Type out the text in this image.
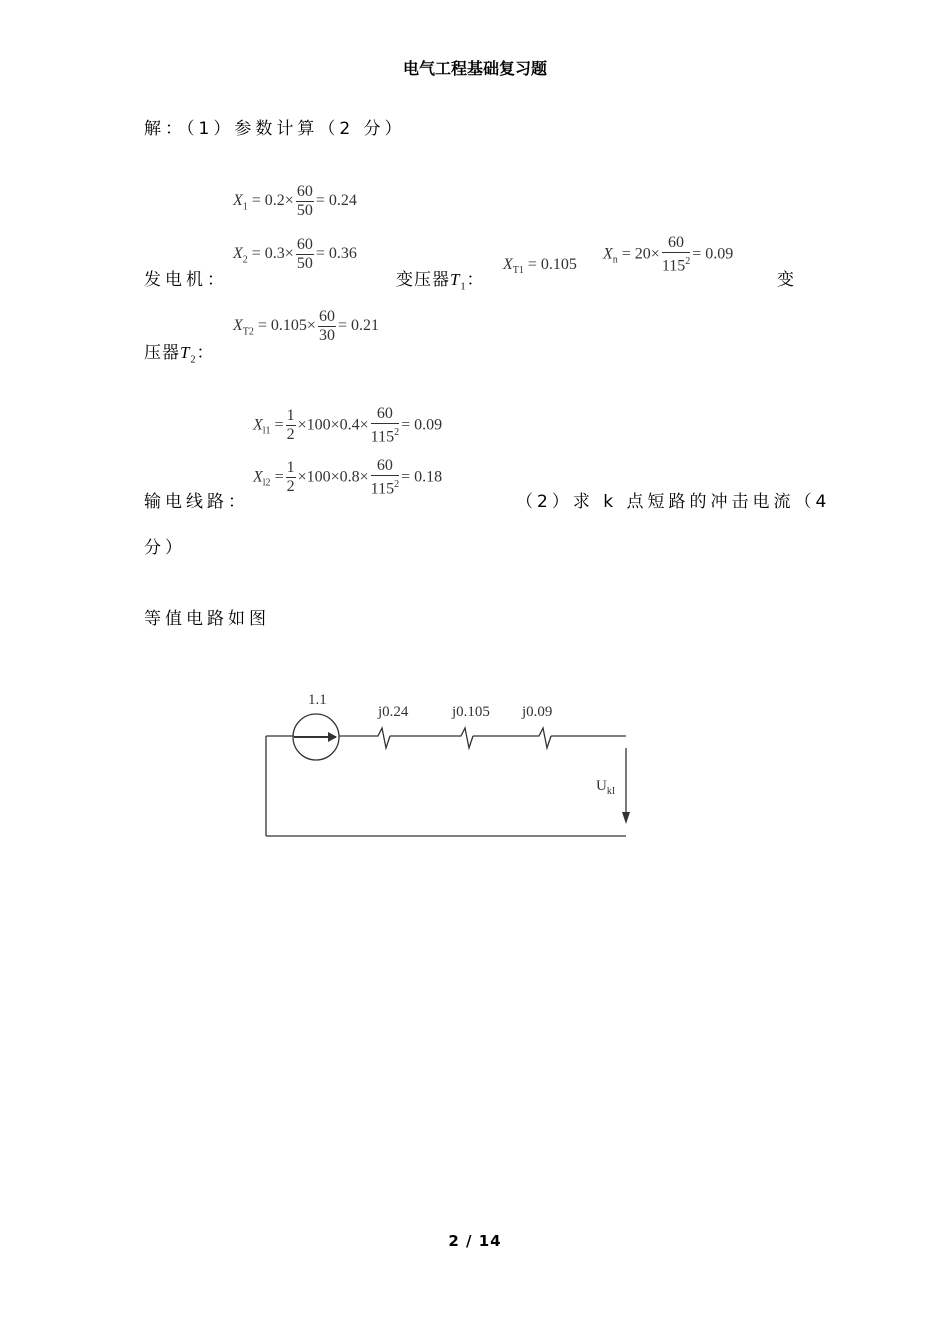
电气工程基础复习题
解：（1）参数计算（2 分）
$X_1 = 0.2\times \frac{60}{50} = 0.24$
发电机：
$X_2 = 0.3\times \frac{60}{50} = 0.36$
变压器$T_1$：
$X_{T1} = 0.105$
$X_n = 20\times \frac{60}{115^2} = 0.09$
变
压器$T_2$：
$X_{T2} = 0.105\times \frac{60}{30} = 0.21$
$X_{l1} = \frac{1}{2} \times 100\times 0.4\times \frac{60}{115^2} = 0.09$
输电线路：
$X_{l2} = \frac{1}{2} \times 100\times 0.8\times \frac{60}{115^2} = 0.18$
（2）求 k 点短路的冲击电流（4
分）
等值电路如图
1.1
j0.24	j0.105 j0.09
$U_{kI}$
2 / 14
